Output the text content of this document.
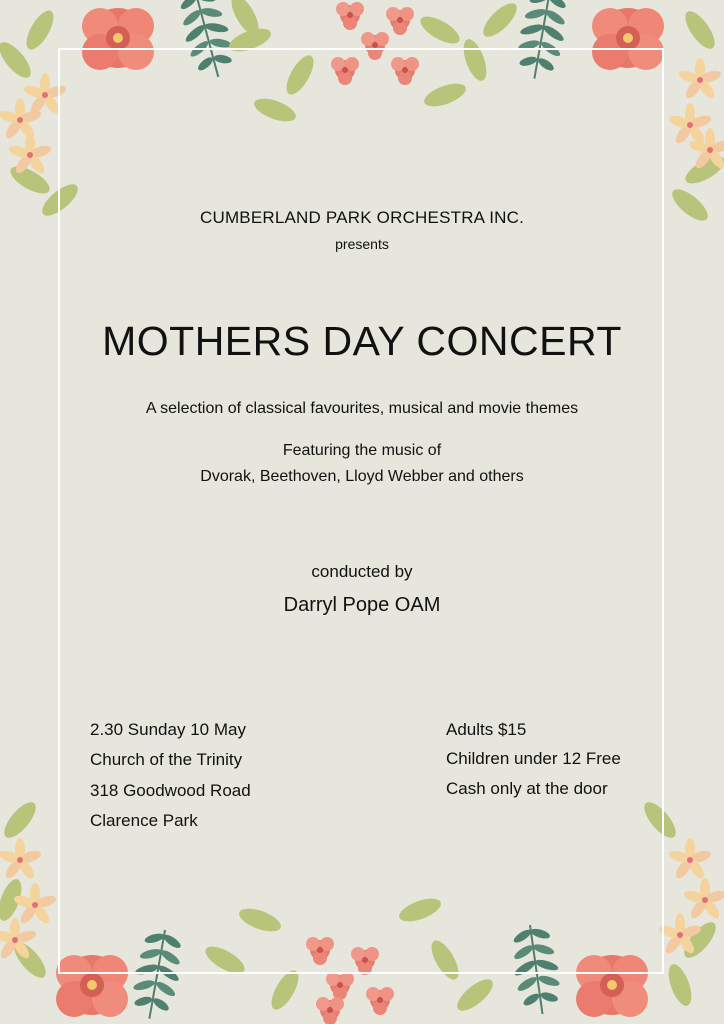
CUMBERLAND PARK ORCHESTRA INC.
presents
MOTHERS DAY CONCERT
A selection of classical favourites, musical and movie themes
Featuring the music of
Dvorak, Beethoven, Lloyd Webber and others
conducted by
Darryl Pope OAM
2.30 Sunday 10 May
Church of the Trinity
318 Goodwood Road
Clarence Park
Adults $15
Children under 12 Free
Cash only at the door
